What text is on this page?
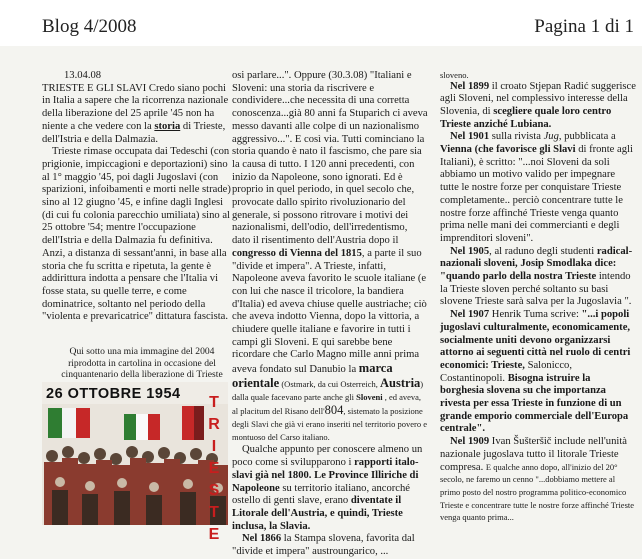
Blog 4/2008	Pagina 1 di 1

13.04.08

TRIESTE E GLI SLAVI Credo siano pochi in Italia a sapere che la ricorrenza nazionale della liberazione del 25 aprile '45 non ha niente a che vedere con la storia di Trieste, dell'Istria e della Dalmazia.

Trieste rimase occupata dai Tedeschi (con prigionie, impiccagioni e deportazioni) sino al 1° maggio '45, poi dagli Jugoslavi (con sparizioni, infoibamenti e morti nelle strade) sino al 12 giugno '45, e infine dagli Inglesi (di cui fu colonia parecchio umiliata) sino al 25 ottobre '54; mentre l'occupazione dell'Istria e della Dalmazia fu definitiva. Anzi, a distanza di sessant'anni, in base alla storia che fu scritta e ripetuta, la gente è addirittura indotta a pensare che l'Italia vi fosse stata, su quelle terre, e come dominatrice, soltanto nel periodo della "violenta e prevaricatrice" dittatura fascista.

Qui sotto una mia immagine del 2004 riprodotta in cartolina in occasione del cinquantenario della liberazione di Trieste
26 OTTOBRE 1954	T
R
I
E
S
T
E

osi parlare...". Oppure (30.3.08) "Italiani e Sloveni: una storia da riscrivere e condividere...che necessita di una corretta conoscenza...già 80 anni fa Stuparich ci aveva messo davanti alle colpe di un nazionalismo aggressivo...". E così via. Tutti cominciano la storia quando è nato il fascismo, che pare sia la causa di tutto. I 120 anni precedenti, con inizio da Napoleone, sono ignorati. Ed è proprio in quel periodo, in quel secolo che, provocate dallo spirito rivoluzionario del generale, si possono ritrovare i motivi dei nazionalismi, dell'odio, dell'irredentismo, dato il risentimento dell'Austria dopo il congresso di Vienna del 1815, a parte il suo "divide et impera". A Trieste, infatti, Napoleone aveva favorito le scuole italiane (e con lui che nasce il tricolore, la bandiera d'Italia) ed aveva chiuse quelle austriache; ciò che aveva indotto Vienna, dopo la vittoria, a chiudere quelle italiane e favorire in tutti i campi gli Sloveni. E qui sarebbe bene ricordare che Carlo Magno mille anni prima aveva fondato sul Danubio la marca orientale (Ostmark, da cui Osterreich, Austria) dalla quale facevano parte anche gli Sloveni , ed aveva, al placitum del Risano dell'804, sistemato la posizione degli Slavi che già vi erano inseriti nel territorio povero e montuoso del Carso italiano.

Qualche appunto per conoscere almeno un poco come si svilupparono i rapporti italo-slavi già nel 1800. Le Province Illiriche di Napoleone su territorio italiano, ancorché ostello di genti slave, erano diventate il Litorale dell'Austria, e quindi, Trieste inclusa, la Slavia.

Nel 1866 la Stampa slovena, favorita dal "divide et impera" austroungarico, ...

sloveno.

Nel 1899 il croato Stjepan Radić suggerisce agli Sloveni, nel complessivo interesse della Slovenia, di scegliere quale loro centro Trieste anziché Lubiana.

Nel 1901 sulla rivista Jug, pubblicata a Vienna (che favorisce gli Slavi di fronte agli Italiani), è scritto: "...noi Sloveni da soli abbiamo un motivo valido per impegnare tutte le nostre forze per conquistare Trieste completamente.. perciò concentrare tutte le nostre forze affinché Trieste venga quanto prima nelle mani dei commercianti e degli imprenditori sloveni".

Nel 1905, al raduno degli studenti radical-nazionali sloveni, Josip Smodlaka dice: "quando parlo della nostra Trieste intendo la Trieste sloven perché soltanto su basi slovene Trieste sarà salva per la Jugoslavia ".

Nel 1907 Henrik Tuma scrive: "...i popoli jugoslavi culturalmente, economicamente, socialmente uniti devono organizzarsi attorno ai seguenti città nel ruolo di centri economici: Trieste, Salonicco, Costantinopoli. Bisogna istruire la borghesia slovena su che importanza rivesta per essa Trieste in funzione di un grande emporio commerciale dell'Europa centrale".

Nel 1909 Ivan Šušteršič include nell'unità nazionale jugoslava tutto il litorale Trieste compresa. E qualche anno dopo, all'inizio del 20° secolo, ne faremo un cenno "...dobbiamo mettere al primo posto del nostro programma politico-economico Trieste e concentrare tutte le nostre forze affinché Trieste venga quanto prima...
